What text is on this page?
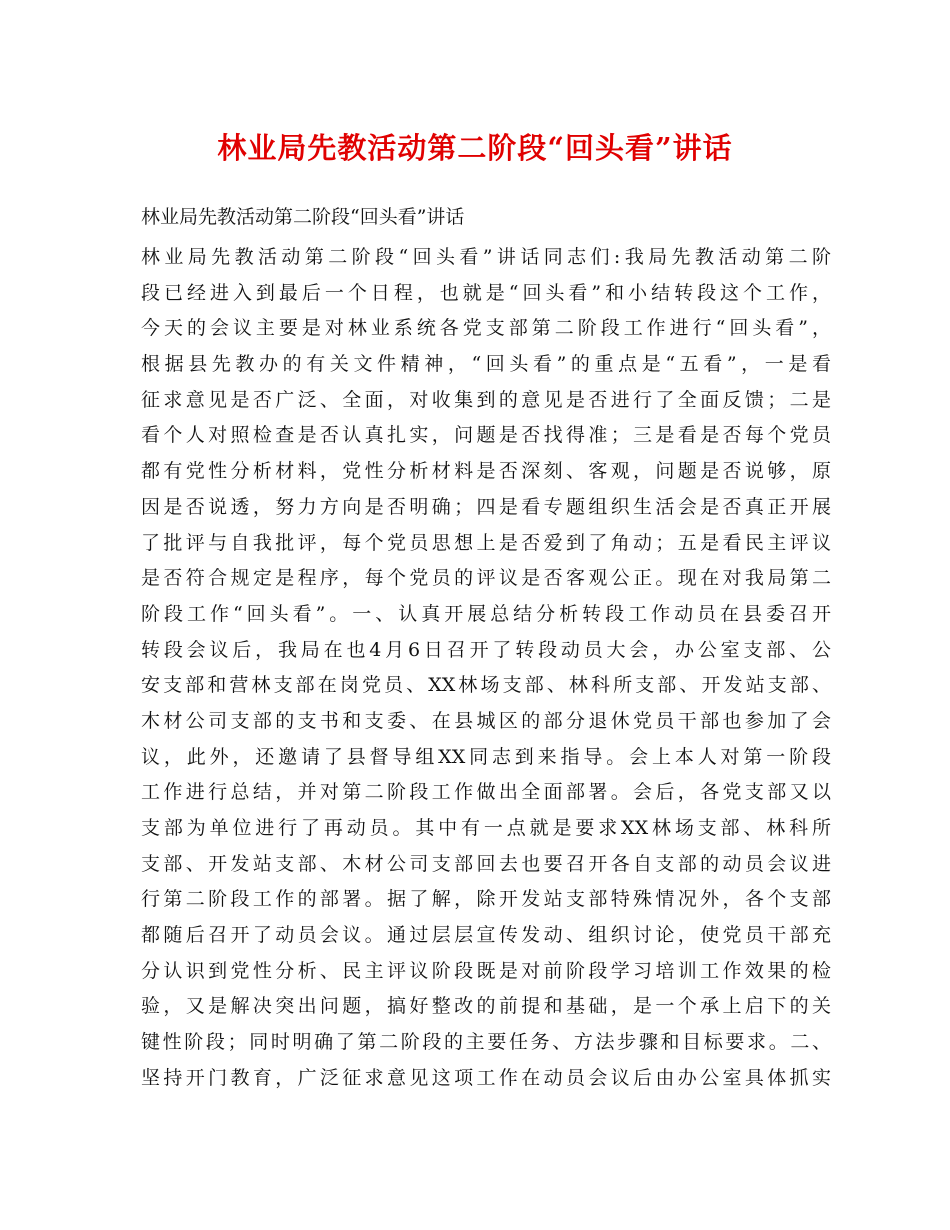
林业局先教活动第二阶段“回头看”讲话
林业局先教活动第二阶段“回头看”讲话
林业局先教活动第二阶段“回头看”讲话同志们:我局先教活动第二阶
段已经进入到最后一个日程，也就是“回头看”和小结转段这个工作，
今天的会议主要是对林业系统各党支部第二阶段工作进行“回头看”，
根据县先教办的有关文件精神，“回头看”的重点是“五看”，一是看
征求意见是否广泛、全面，对收集到的意见是否进行了全面反馈；二是
看个人对照检查是否认真扎实，问题是否找得准；三是看是否每个党员
都有党性分析材料，党性分析材料是否深刻、客观，问题是否说够，原
因是否说透，努力方向是否明确；四是看专题组织生活会是否真正开展
了批评与自我批评，每个党员思想上是否爱到了角动；五是看民主评议
是否符合规定是程序，每个党员的评议是否客观公正。现在对我局第二
阶段工作“回头看”。一、认真开展总结分析转段工作动员在县委召开
转段会议后，我局在也4月6日召开了转段动员大会，办公室支部、公
安支部和营林支部在岗党员、XX林场支部、林科所支部、开发站支部、
木材公司支部的支书和支委、在县城区的部分退休党员干部也参加了会
议，此外，还邀请了县督导组XX同志到来指导。会上本人对第一阶段
工作进行总结，并对第二阶段工作做出全面部署。会后，各党支部又以
支部为单位进行了再动员。其中有一点就是要求XX林场支部、林科所
支部、开发站支部、木材公司支部回去也要召开各自支部的动员会议进
行第二阶段工作的部署。据了解，除开发站支部特殊情况外，各个支部
都随后召开了动员会议。通过层层宣传发动、组织讨论，使党员干部充
分认识到党性分析、民主评议阶段既是对前阶段学习培训工作效果的检
验，又是解决突出问题，搞好整改的前提和基础，是一个承上启下的关
键性阶段；同时明确了第二阶段的主要任务、方法步骤和目标要求。二、
坚持开门教育，广泛征求意见这项工作在动员会议后由办公室具体抓实
